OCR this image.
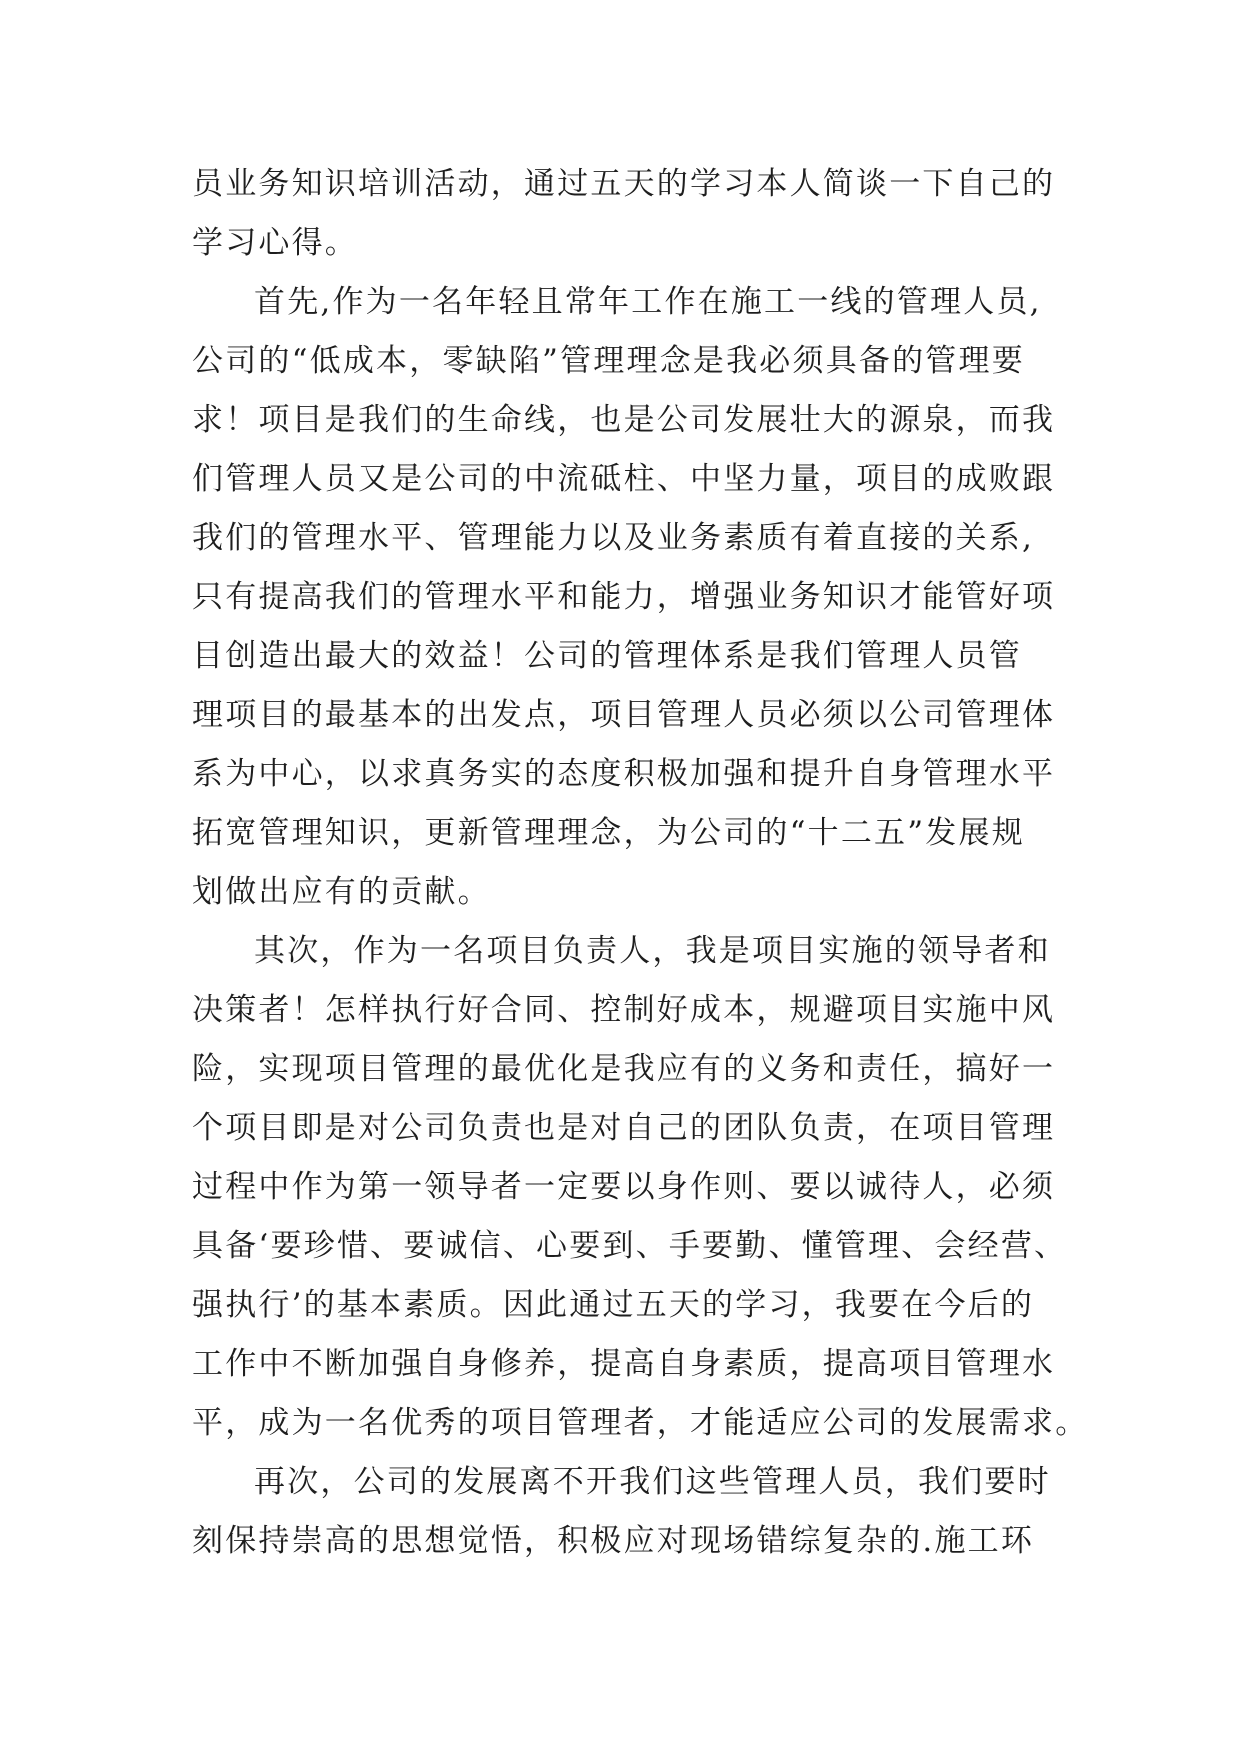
员业务知识培训活动，通过五天的学习本人简谈一下自己的
学习心得。
首先,作为一名年轻且常年工作在施工一线的管理人员,
公司的“低成本，零缺陷”管理理念是我必须具备的管理要
求！项目是我们的生命线，也是公司发展壮大的源泉，而我
们管理人员又是公司的中流砥柱、中坚力量，项目的成败跟
我们的管理水平、管理能力以及业务素质有着直接的关系,
只有提高我们的管理水平和能力，增强业务知识才能管好项
目创造出最大的效益！公司的管理体系是我们管理人员管
理项目的最基本的出发点，项目管理人员必须以公司管理体
系为中心，以求真务实的态度积极加强和提升自身管理水平
拓宽管理知识，更新管理理念，为公司的“十二五”发展规
划做出应有的贡献。
其次，作为一名项目负责人，我是项目实施的领导者和
决策者！怎样执行好合同、控制好成本，规避项目实施中风
险，实现项目管理的最优化是我应有的义务和责任，搞好一
个项目即是对公司负责也是对自己的团队负责，在项目管理
过程中作为第一领导者一定要以身作则、要以诚待人，必须
具备‘要珍惜、要诚信、心要到、手要勤、懂管理、会经营、
强执行’的基本素质。因此通过五天的学习，我要在今后的
工作中不断加强自身修养，提高自身素质，提高项目管理水
平，成为一名优秀的项目管理者，才能适应公司的发展需求。
再次，公司的发展离不开我们这些管理人员，我们要时
刻保持崇高的思想觉悟，积极应对现场错综复杂的.施工环
